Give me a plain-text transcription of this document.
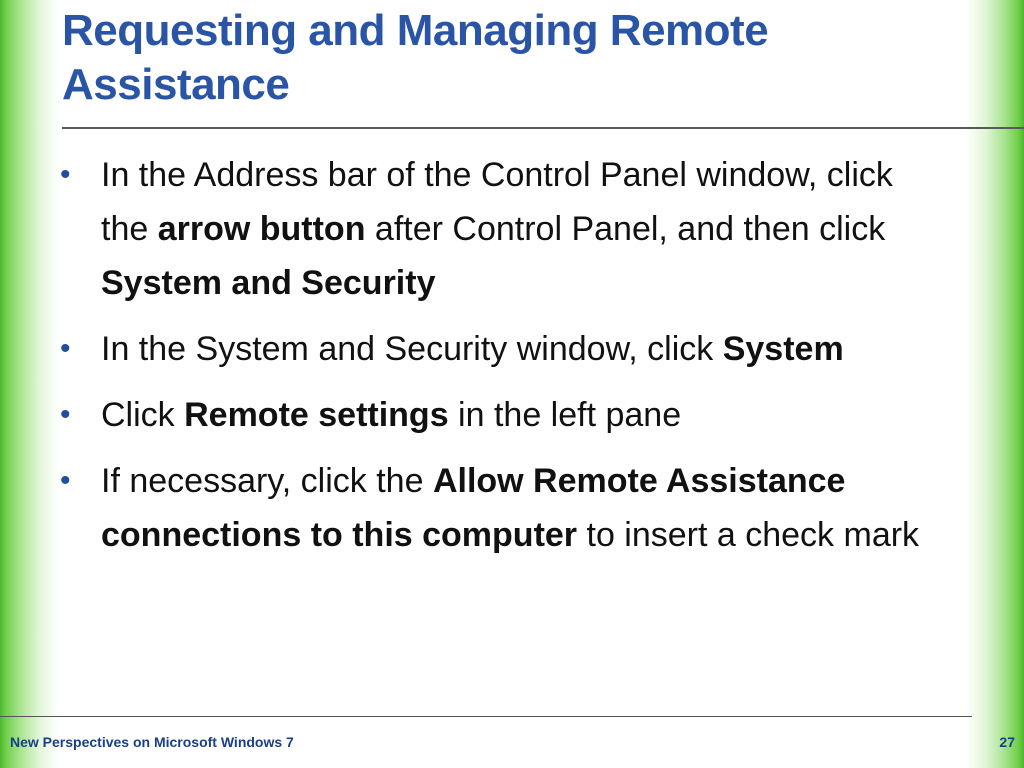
Requesting and Managing Remote Assistance
• In the Address bar of the Control Panel window, click the arrow button after Control Panel, and then click System and Security
• In the System and Security window, click System
• Click Remote settings in the left pane
• If necessary, click the Allow Remote Assistance connections to this computer to insert a check mark
New Perspectives on Microsoft Windows 7	27
